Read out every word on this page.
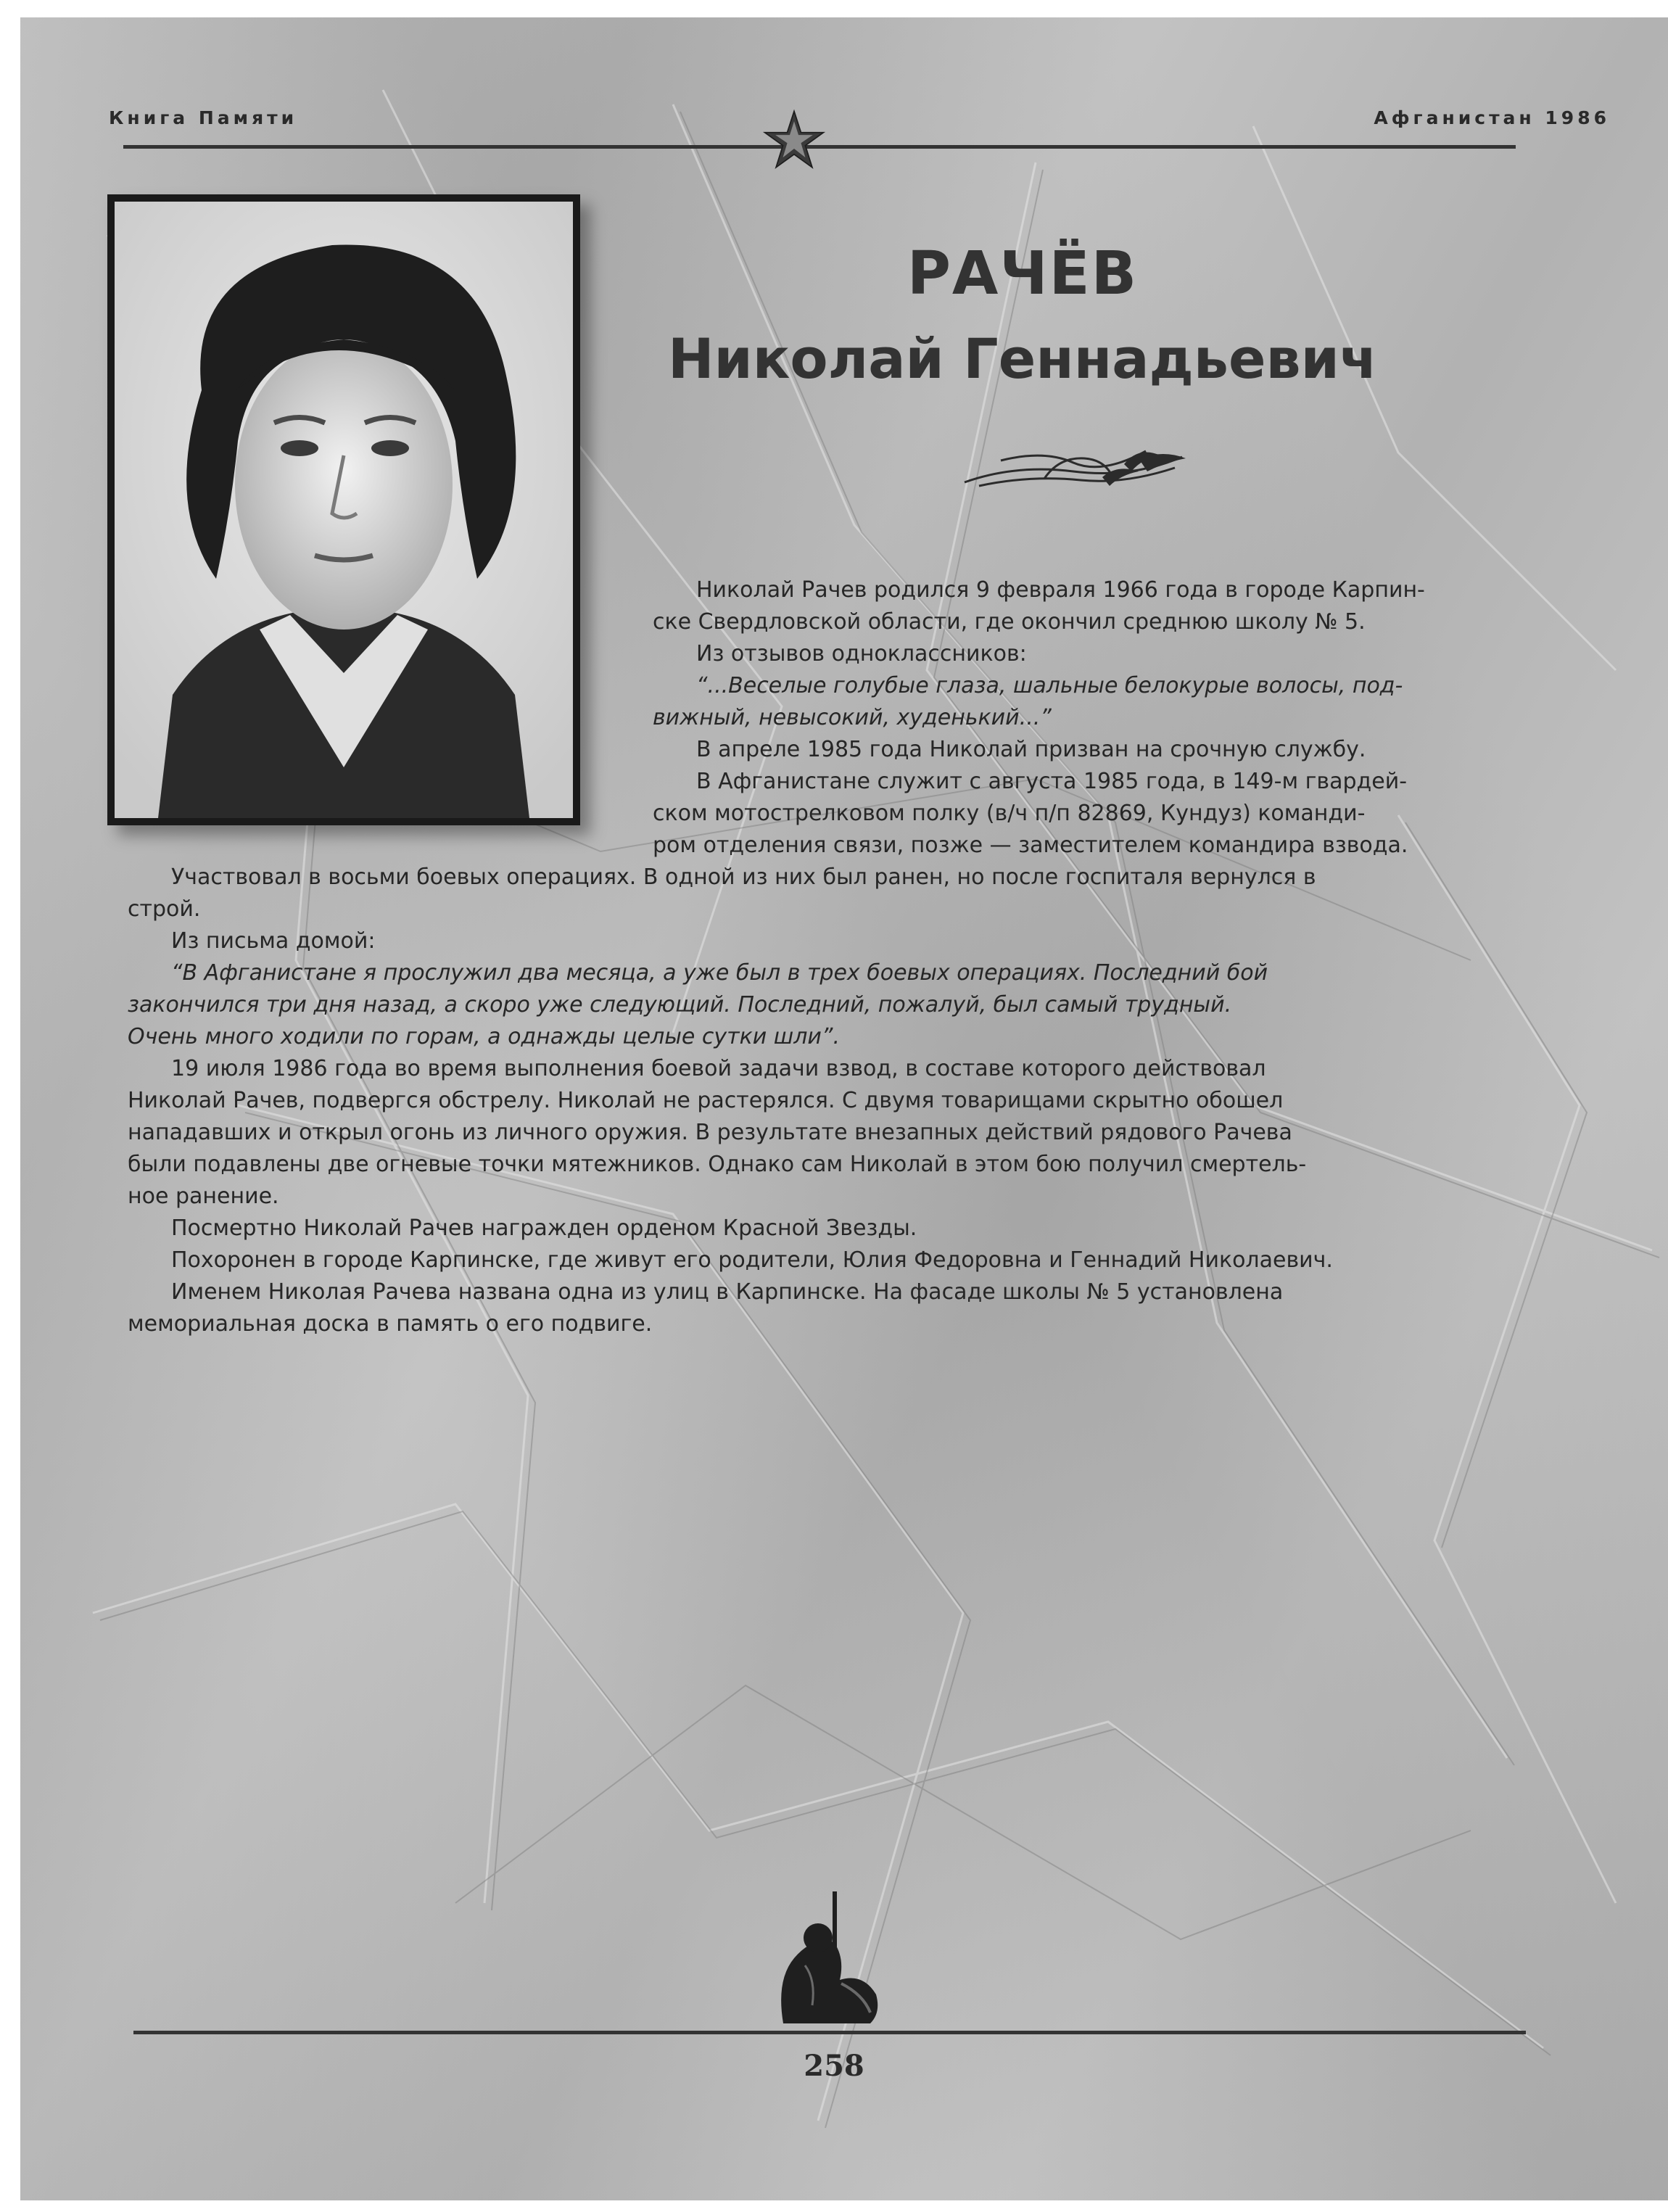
Книга Памяти	Афганистан 1986
РАЧЁВ
Николай Геннадьевич
Николай Рачев родился 9 февраля 1966 года в городе Карпин-
ске Свердловской области, где окончил среднюю школу № 5.
Из отзывов одноклассников:
“...Веселые голубые глаза, шальные белокурые волосы, под-
вижный, невысокий, худенький...”
В апреле 1985 года Николай призван на срочную службу.
В Афганистане служит с августа 1985 года, в 149-м гвардей-
ском мотострелковом полку (в/ч п/п 82869, Кундуз) команди-
ром отделения связи, позже — заместителем командира взвода.
Участвовал в восьми боевых операциях. В одной из них был ранен, но после госпиталя вернулся в
строй.
Из письма домой:
“В Афганистане я прослужил два месяца, а уже был в трех боевых операциях. Последний бой
закончился три дня назад, а скоро уже следующий. Последний, пожалуй, был самый трудный.
Очень много ходили по горам, а однажды целые сутки шли”.
19 июля 1986 года во время выполнения боевой задачи взвод, в составе которого действовал
Николай Рачев, подвергся обстрелу. Николай не растерялся. С двумя товарищами скрытно обошел
нападавших и открыл огонь из личного оружия. В результате внезапных действий рядового Рачева
были подавлены две огневые точки мятежников. Однако сам Николай в этом бою получил смертель-
ное ранение.
Посмертно Николай Рачев награжден орденом Красной Звезды.
Похоронен в городе Карпинске, где живут его родители, Юлия Федоровна и Геннадий Николаевич.
Именем Николая Рачева названа одна из улиц в Карпинске. На фасаде школы № 5 установлена
мемориальная доска в память о его подвиге.
258
